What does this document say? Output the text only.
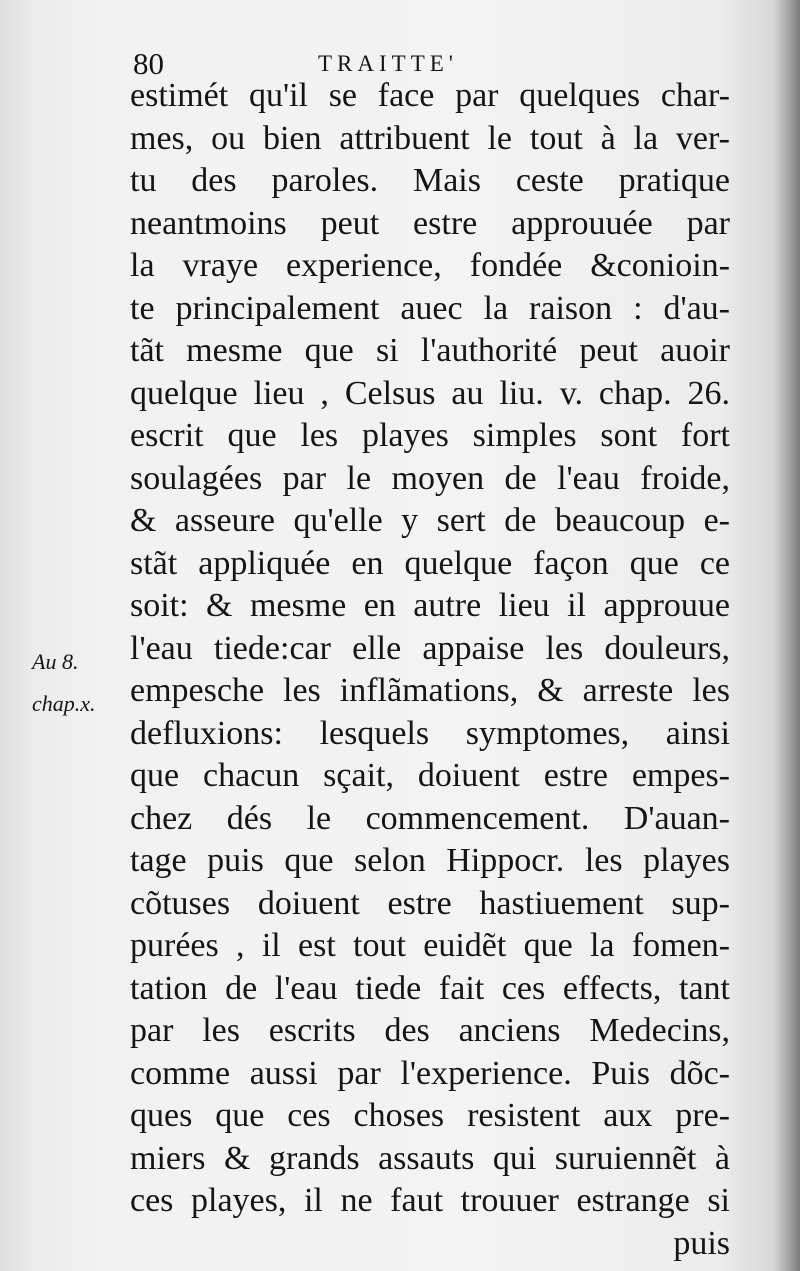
80	TRAITTE'
Au 8.
chap.x.
estimét qu'il se face par quelques char-
mes, ou bien attribuent le tout à la ver-
tu des paroles. Mais ceste pratique
neantmoins peut estre approuuée par
la vraye experience, fondée &conioin-
te principalement auec la raison : d'au-
tãt mesme que si l'authorité peut auoir
quelque lieu , Celsus au liu. v. chap. 26.
escrit que les playes simples sont fort
soulagées par le moyen de l'eau froide,
& asseure qu'elle y sert de beaucoup e-
stãt appliquée en quelque façon que ce
soit: & mesme en autre lieu il approuue
l'eau tiede:car elle appaise les douleurs,
empesche les inflãmations, & arreste les
defluxions: lesquels symptomes, ainsi
que chacun sçait, doiuent estre empes-
chez dés le commencement. D'auan-
tage puis que selon Hippocr. les playes
cõtuses doiuent estre hastiuement sup-
purées , il est tout euidẽt que la fomen-
tation de l'eau tiede fait ces effects, tant
par les escrits des anciens Medecins,
comme aussi par l'experience. Puis dõc-
ques que ces choses resistent aux pre-
miers & grands assauts qui suruiennẽt à
ces playes, il ne faut trouuer estrange si
puis
